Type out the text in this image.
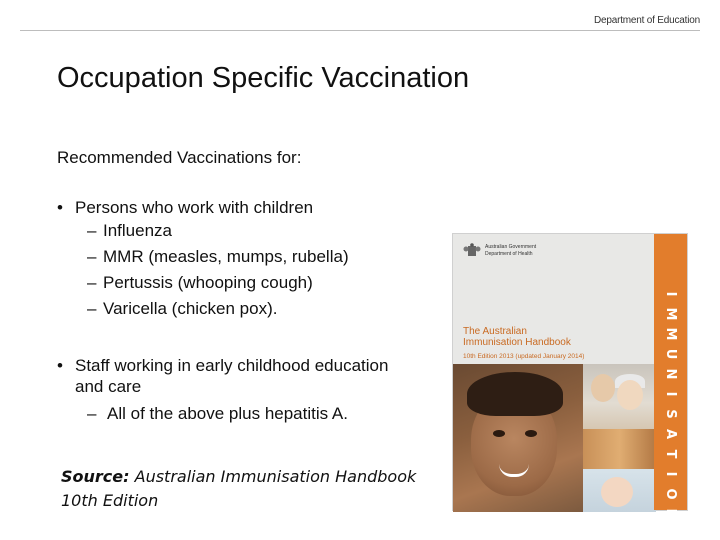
Department of Education
Occupation Specific Vaccination
Recommended Vaccinations for:
• Persons who work with children
– Influenza
– MMR (measles, mumps, rubella)
– Pertussis (whooping cough)
– Varicella (chicken pox).
• Staff working in early childhood education
and care
– All of the above plus hepatitis A.
Source: Australian Immunisation Handbook
10th Edition
Australian Government
Department of Health
The Australian
Immunisation Handbook
10th Edition 2013 (updated January 2014)
I
M
M
U
N
I
S
A
T
I
O
N
